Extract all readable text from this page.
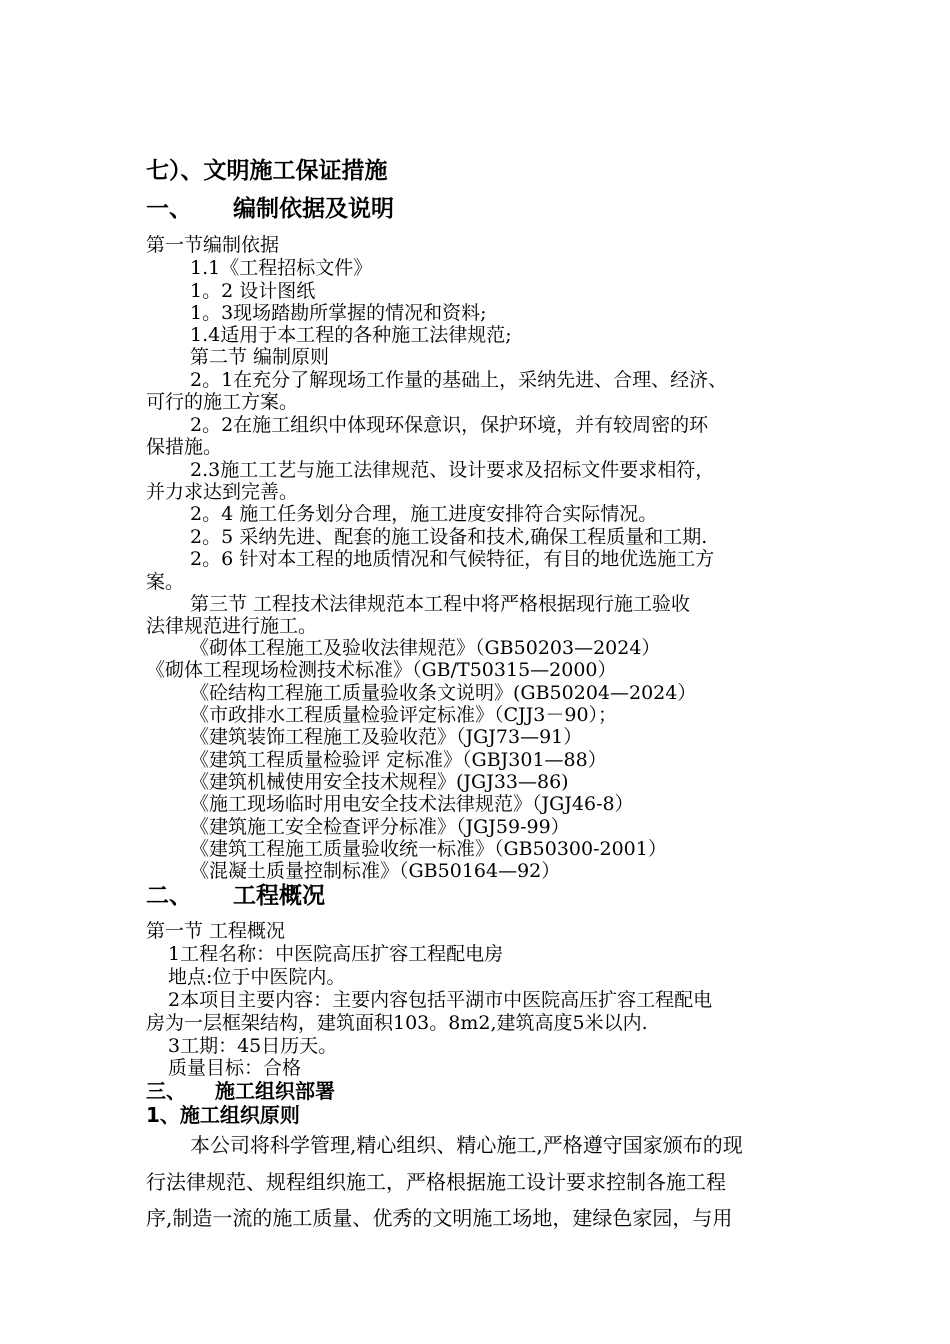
七）、文明施工保证措施
一、 编制依据及说明
第一节编制依据
1.1《工程招标文件》
1。2 设计图纸
1。3现场踏勘所掌握的情况和资料;
1.4适用于本工程的各种施工法律规范;
第二节 编制原则
2。1在充分了解现场工作量的基础上，采纳先进、合理、经济、
可行的施工方案。
2。2在施工组织中体现环保意识，保护环境，并有较周密的环
保措施。
2.3施工工艺与施工法律规范、设计要求及招标文件要求相符，
并力求达到完善。
2。4 施工任务划分合理，施工进度安排符合实际情况。
2。5 采纳先进、配套的施工设备和技术,确保工程质量和工期.
2。6 针对本工程的地质情况和气候特征，有目的地优选施工方
案。
第三节 工程技术法律规范本工程中将严格根据现行施工验收
法律规范进行施工。
《砌体工程施工及验收法律规范》（GB50203—2024）
《砌体工程现场检测技术标准》（GB/T50315—2000）
《砼结构工程施工质量验收条文说明》(GB50204—2024）
《市政排水工程质量检验评定标准》（CJJ3－90）；
《建筑装饰工程施工及验收范》（JGJ73—91）
《建筑工程质量检验评 定标准》（GBJ301—88）
《建筑机械使用安全技术规程》(JGJ33—86)
《施工现场临时用电安全技术法律规范》（JGJ46-8）
《建筑施工安全检查评分标准》（JGJ59-99）
《建筑工程施工质量验收统一标准》（GB50300-2001）
《混凝土质量控制标准》（GB50164—92）
二、 工程概况
第一节 工程概况
1工程名称：中医院高压扩容工程配电房
地点:位于中医院内。
2本项目主要内容：主要内容包括平湖市中医院高压扩容工程配电
房为一层框架结构，建筑面积103。8m2,建筑高度5米以内.
3工期：45日历天。
质量目标：合格
三、 施工组织部署
1、施工组织原则
本公司将科学管理,精心组织、精心施工,严格遵守国家颁布的现
行法律规范、规程组织施工，严格根据施工设计要求控制各施工程
序,制造一流的施工质量、优秀的文明施工场地，建绿色家园，与用
